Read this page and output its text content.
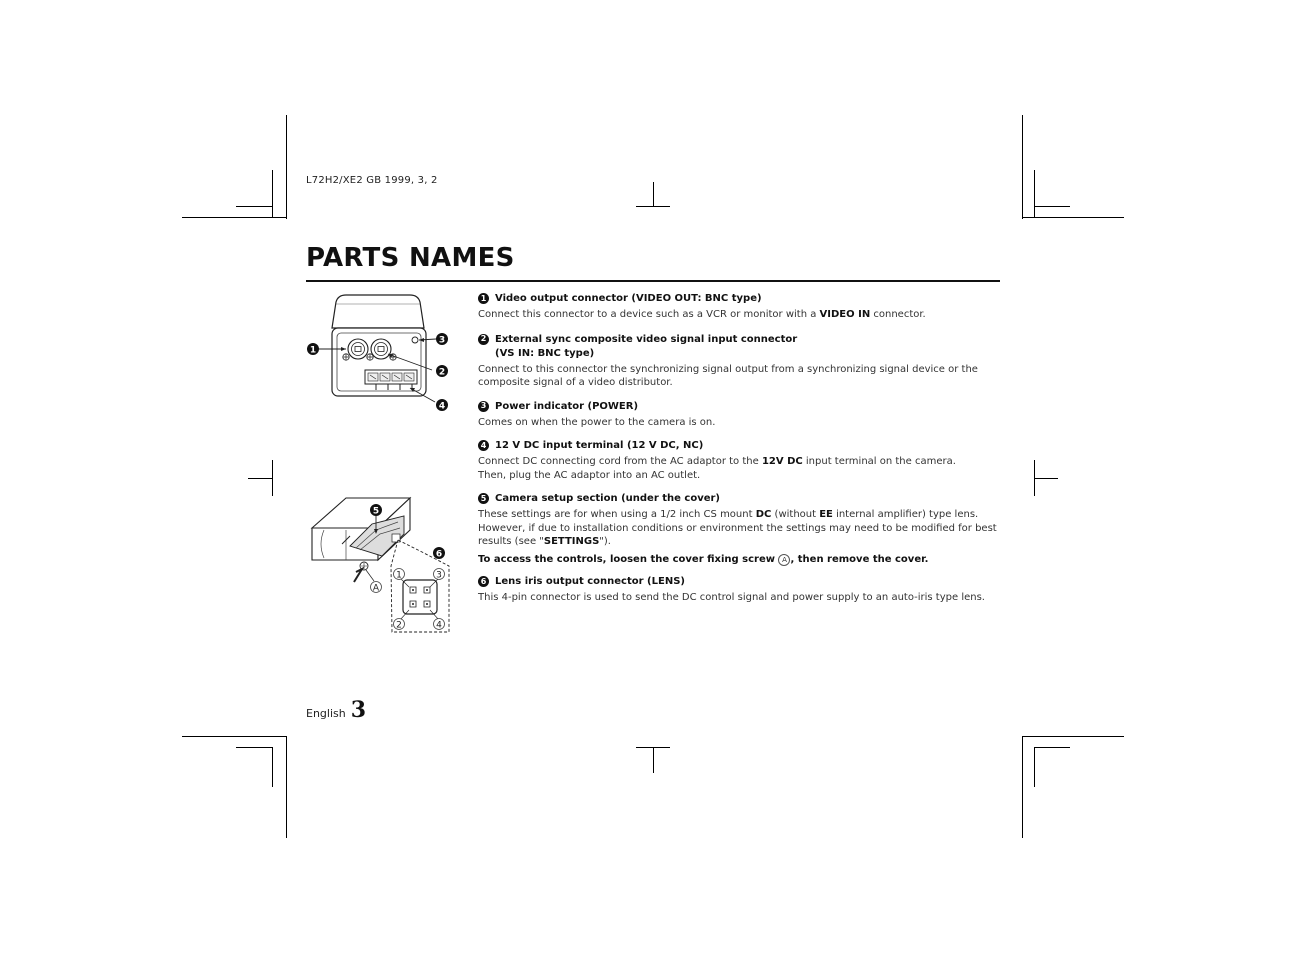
L72H2/XE2 GB 1999, 3, 2
PARTS NAMES
1
2
3
4
A
1
2
3
4
5
6
1 Video output connector (VIDEO OUT: BNC type)
Connect this connector to a device such as a VCR or monitor with a VIDEO IN connector.
2 External sync composite video signal input connector
(VS IN: BNC type)
Connect to this connector the synchronizing signal output from a synchronizing signal device or the composite signal of a video distributor.
3 Power indicator (POWER)
Comes on when the power to the camera is on.
4 12 V DC input terminal (12 V DC, NC)
Connect DC connecting cord from the AC adaptor to the 12V DC input terminal on the camera.
Then, plug the AC adaptor into an AC outlet.
5 Camera setup section (under the cover)
These settings are for when using a 1/2 inch CS mount DC (without EE internal amplifier) type lens. However, if due to installation conditions or environment the settings may need to be modified for best results (see "SETTINGS").
To access the controls, loosen the cover fixing screw A , then remove the cover.
6 Lens iris output connector (LENS)
This 4-pin connector is used to send the DC control signal and power supply to an auto-iris type lens.
English 3
